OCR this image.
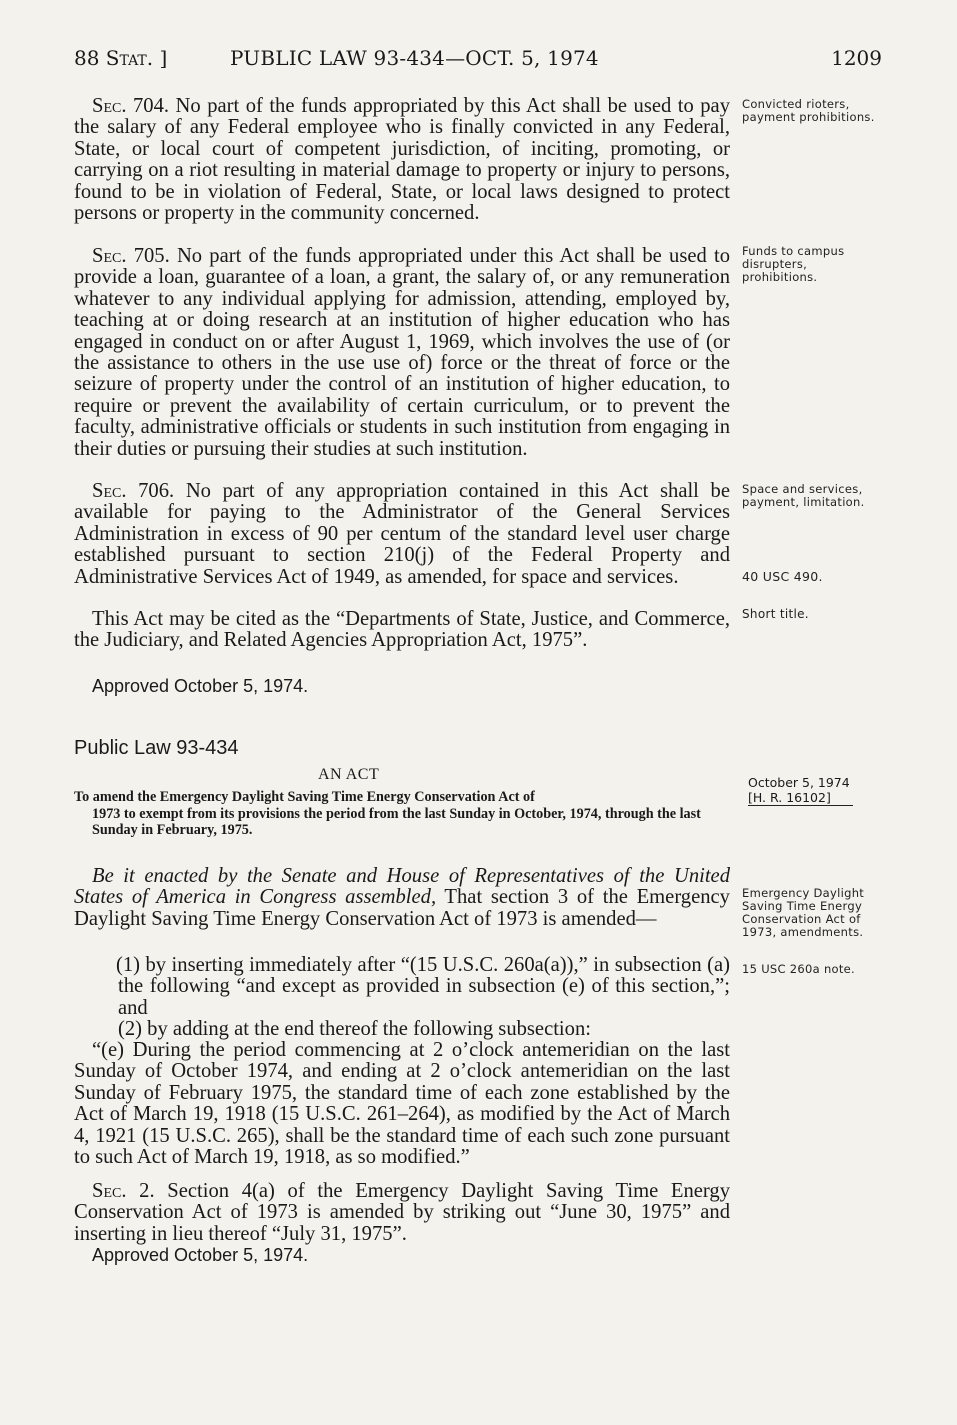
88 Stat. ]	PUBLIC LAW 93-434—OCT. 5, 1974	1209

Sec. 704. No part of the funds appropriated by this Act shall be used to pay the salary of any Federal employee who is finally convicted in any Federal, State, or local court of competent jurisdiction, of inciting, promoting, or carrying on a riot resulting in material damage to property or injury to persons, found to be in violation of Federal, State, or local laws designed to protect persons or property in the community concerned.

Convicted rioters, payment prohibitions.

Sec. 705. No part of the funds appropriated under this Act shall be used to provide a loan, guarantee of a loan, a grant, the salary of, or any remuneration whatever to any individual applying for admission, attending, employed by, teaching at or doing research at an institution of higher education who has engaged in conduct on or after August 1, 1969, which involves the use of (or the assistance to others in the use use of) force or the threat of force or the seizure of property under the control of an institution of higher education, to require or prevent the availability of certain curriculum, or to prevent the faculty, administrative officials or students in such institution from engaging in their duties or pursuing their studies at such institution.

Funds to campus disrupters, prohibitions.

Sec. 706. No part of any appropriation contained in this Act shall be available for paying to the Administrator of the General Services Administration in excess of 90 per centum of the standard level user charge established pursuant to section 210(j) of the Federal Property and Administrative Services Act of 1949, as amended, for space and services.

Space and services, payment, limitation.
40 USC 490.

This Act may be cited as the “Departments of State, Justice, and Commerce, the Judiciary, and Related Agencies Appropriation Act, 1975”.

Short title.

Approved October 5, 1974.

Public Law 93-434
AN ACT	October 5, 1974
[H. R. 16102]
To amend the Emergency Daylight Saving Time Energy Conservation Act of
1973 to exempt from its provisions the period from the last Sunday in October, 1974, through the last Sunday in February, 1975.

Be it enacted by the Senate and House of Representatives of the United States of America in Congress assembled, That section 3 of the Emergency Daylight Saving Time Energy Conservation Act of 1973 is amended—

Emergency Daylight Saving Time Energy Conservation Act of 1973, amendments.
15 USC 260a note.

(1) by inserting immediately after “(15 U.S.C. 260a(a)),” in subsection (a) the following “and except as provided in subsection (e) of this section,”; and

(2) by adding at the end thereof the following subsection:

“(e) During the period commencing at 2 o’clock antemeridian on the last Sunday of October 1974, and ending at 2 o’clock antemeridian on the last Sunday of February 1975, the standard time of each zone established by the Act of March 19, 1918 (15 U.S.C. 261–264), as modified by the Act of March 4, 1921 (15 U.S.C. 265), shall be the standard time of each such zone pursuant to such Act of March 19, 1918, as so modified.”

Sec. 2. Section 4(a) of the Emergency Daylight Saving Time Energy Conservation Act of 1973 is amended by striking out “June 30, 1975” and inserting in lieu thereof “July 31, 1975”.

Approved October 5, 1974.
